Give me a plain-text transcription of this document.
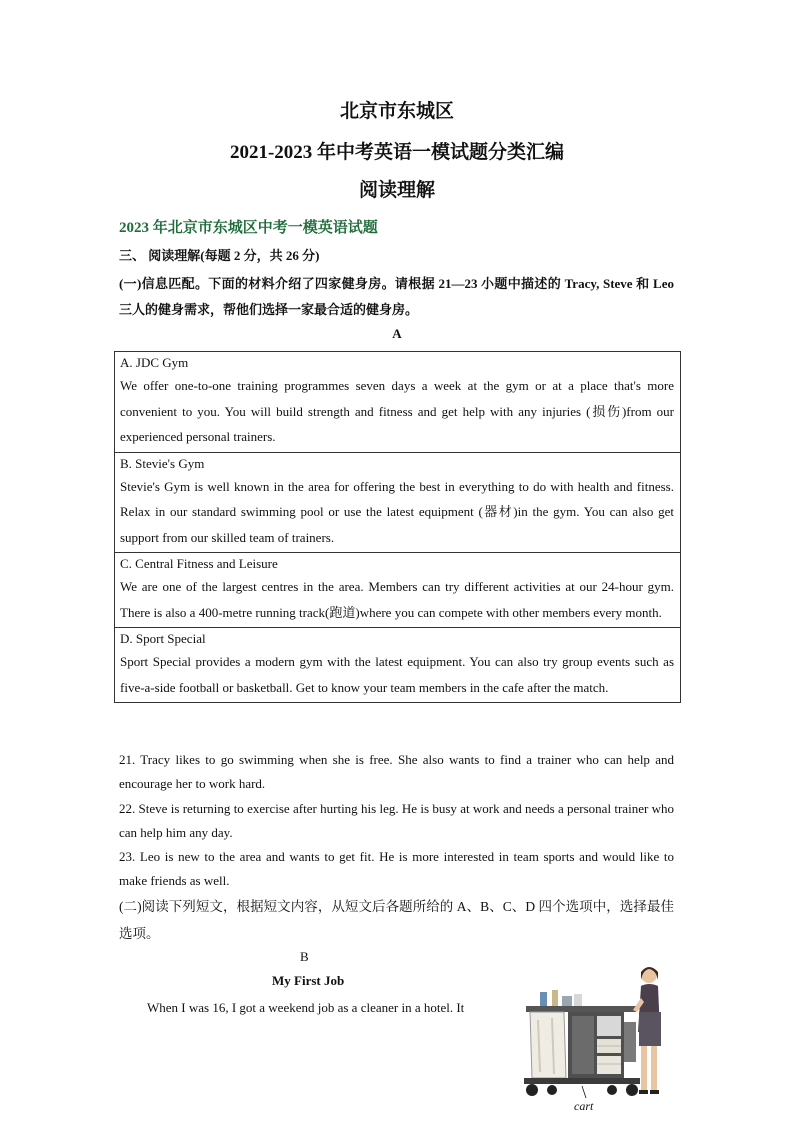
北京市东城区
2021-2023 年中考英语一模试题分类汇编
阅读理解
2023 年北京市东城区中考一模英语试题
三、 阅读理解(每题 2 分，共 26 分)
(一)信息匹配。下面的材料介绍了四家健身房。请根据 21—23 小题中描述的 Tracy, Steve 和 Leo 三人的健身需求，帮他们选择一家最合适的健身房。
A
A. JDC Gym
We offer one-to-one training programmes seven days a week at the gym or at a place that's more convenient to you. You will build strength and fitness and get help with any injuries (损伤)from our experienced personal trainers.

B. Stevie's Gym
Stevie's Gym is well known in the area for offering the best in everything to do with health and fitness. Relax in our standard swimming pool or use the latest equipment (器材)in the gym. You can also get support from our skilled team of trainers.

C. Central Fitness and Leisure
We are one of the largest centres in the area. Members can try different activities at our 24-hour gym. There is also a 400-metre running track(跑道)where you can compete with other members every month.

D. Sport Special
Sport Special provides a modern gym with the latest equipment. You can also try group events such as five-a-side football or basketball. Get to know your team members in the cafe after the match.
21. Tracy likes to go swimming when she is free. She also wants to find a trainer who can help and encourage her to work hard.
22. Steve is returning to exercise after hurting his leg. He is busy at work and needs a personal trainer who can help him any day.
23. Leo is new to the area and wants to get fit. He is more interested in team sports and would like to make friends as well.
(二)阅读下列短文，根据短文内容，从短文后各题所给的 A、B、C、D 四个选项中，选择最佳选项。
B
My First Job
When I was 16, I got a weekend job as a cleaner in a hotel. It
cart
